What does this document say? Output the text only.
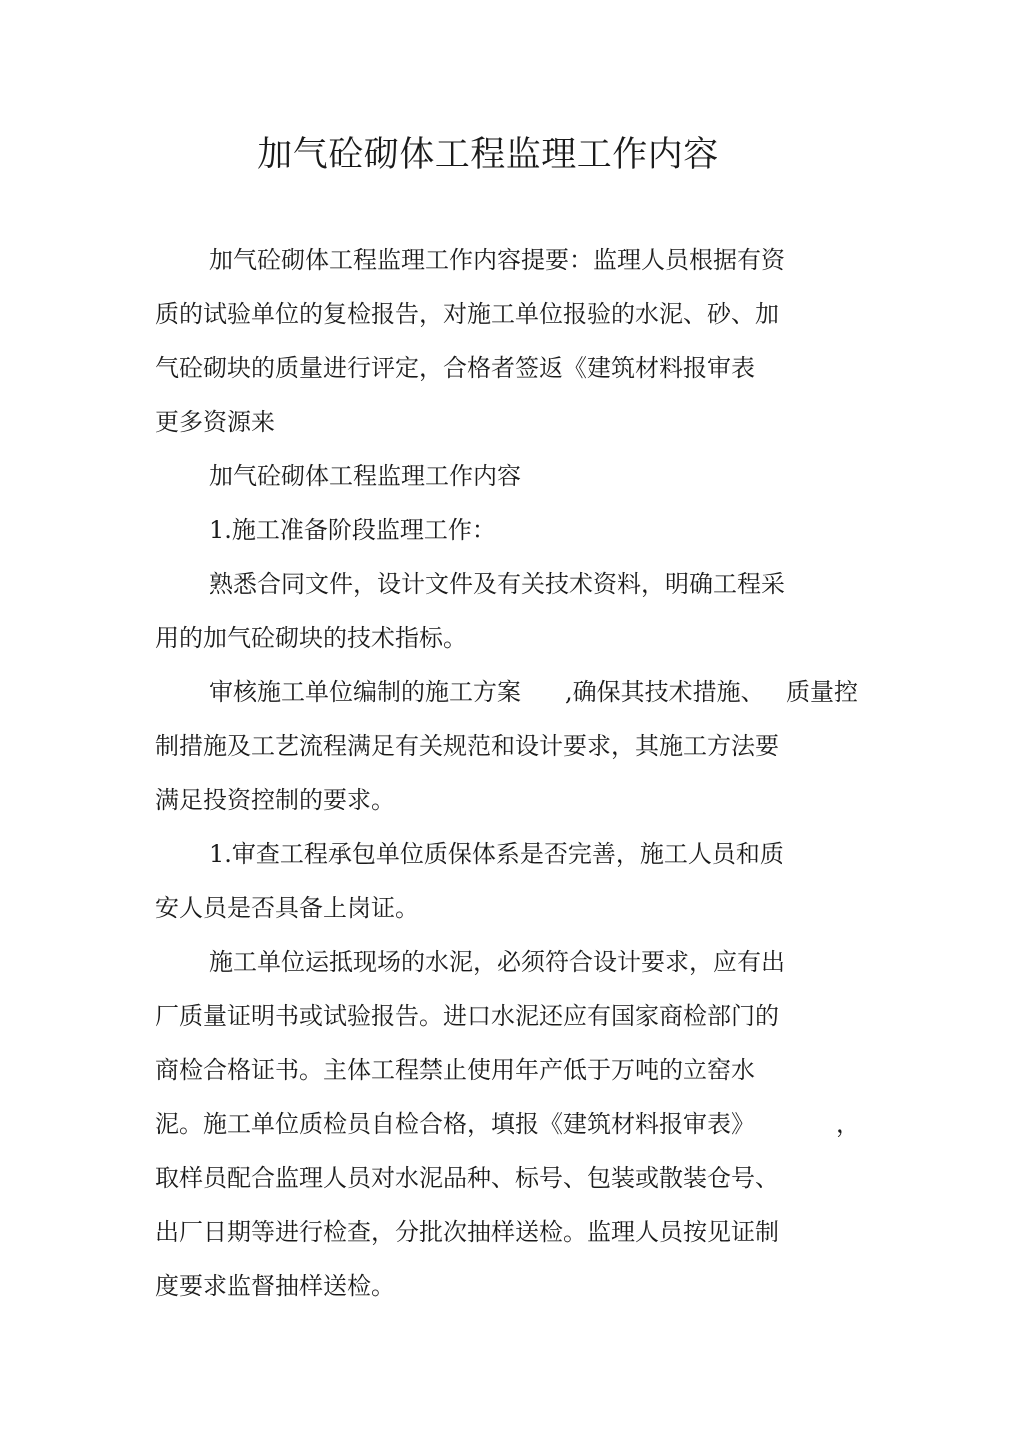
加气砼砌体工程监理工作内容
加气砼砌体工程监理工作内容提要：监理人员根据有资
质的试验单位的复检报告，对施工单位报验的水泥、砂、加
气砼砌块的质量进行评定，合格者签返《建筑材料报审表
更多资源来
加气砼砌体工程监理工作内容
1.施工准备阶段监理工作：
熟悉合同文件，设计文件及有关技术资料，明确工程采
用的加气砼砌块的技术指标。
审核施工单位编制的施工方案 ,确保其技术措施、 质量控
制措施及工艺流程满足有关规范和设计要求，其施工方法要
满足投资控制的要求。
1.审查工程承包单位质保体系是否完善，施工人员和质
安人员是否具备上岗证。
施工单位运抵现场的水泥，必须符合设计要求，应有出
厂质量证明书或试验报告。进口水泥还应有国家商检部门的
商检合格证书。主体工程禁止使用年产低于万吨的立窑水
泥。施工单位质检员自检合格，填报《建筑材料报审表》	，
取样员配合监理人员对水泥品种、标号、包装或散装仓号、
出厂日期等进行检查，分批次抽样送检。监理人员按见证制
度要求监督抽样送检。
